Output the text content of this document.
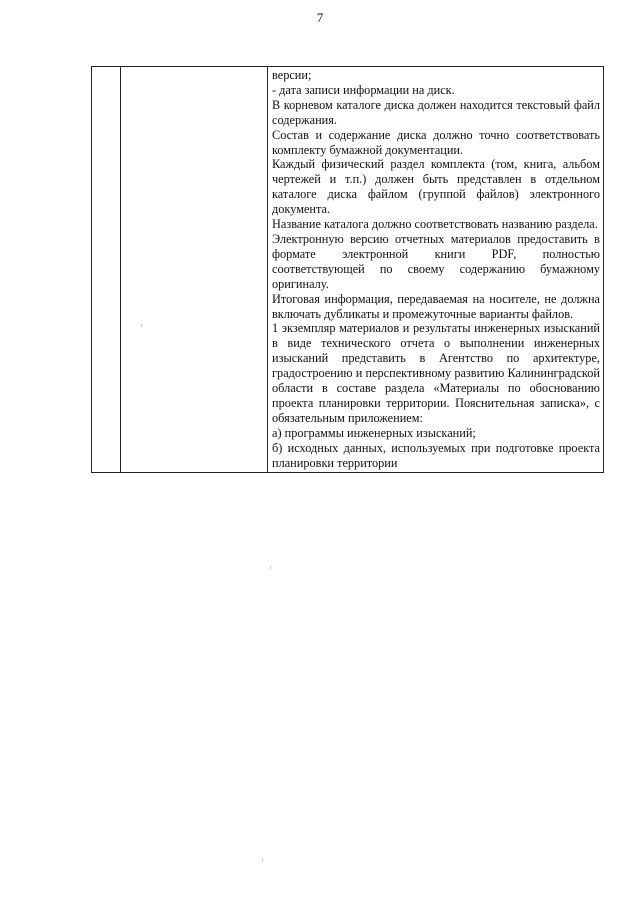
7

версии;

- дата записи информации на диск.

В корневом каталоге диска должен находится текстовый файл содержания.

Состав и содержание диска должно точно соответствовать комплекту бумажной документации.

Каждый физический раздел комплекта (том, книга, альбом чертежей и т.п.) должен быть представлен в отдельном каталоге диска файлом (группой файлов) электронного документа.

Название каталога должно соответствовать названию раздела.

Электронную версию отчетных материалов предоставить в формате электронной книги PDF, полностью соответствующей по своему содержанию бумажному оригиналу.

Итоговая информация, передаваемая на носителе, не должна включать дубликаты и промежуточные варианты файлов.

1 экземпляр материалов и результаты инженерных изысканий в виде технического отчета о выполнении инженерных изысканий представить в Агентство по архитектуре, градостроению и перспективному развитию Калининградской области в составе раздела «Материалы по обоснованию проекта планировки территории. Пояснительная записка», с обязательным приложением:

а) программы инженерных изысканий;

б) исходных данных, используемых при подготовке проекта планировки территории
